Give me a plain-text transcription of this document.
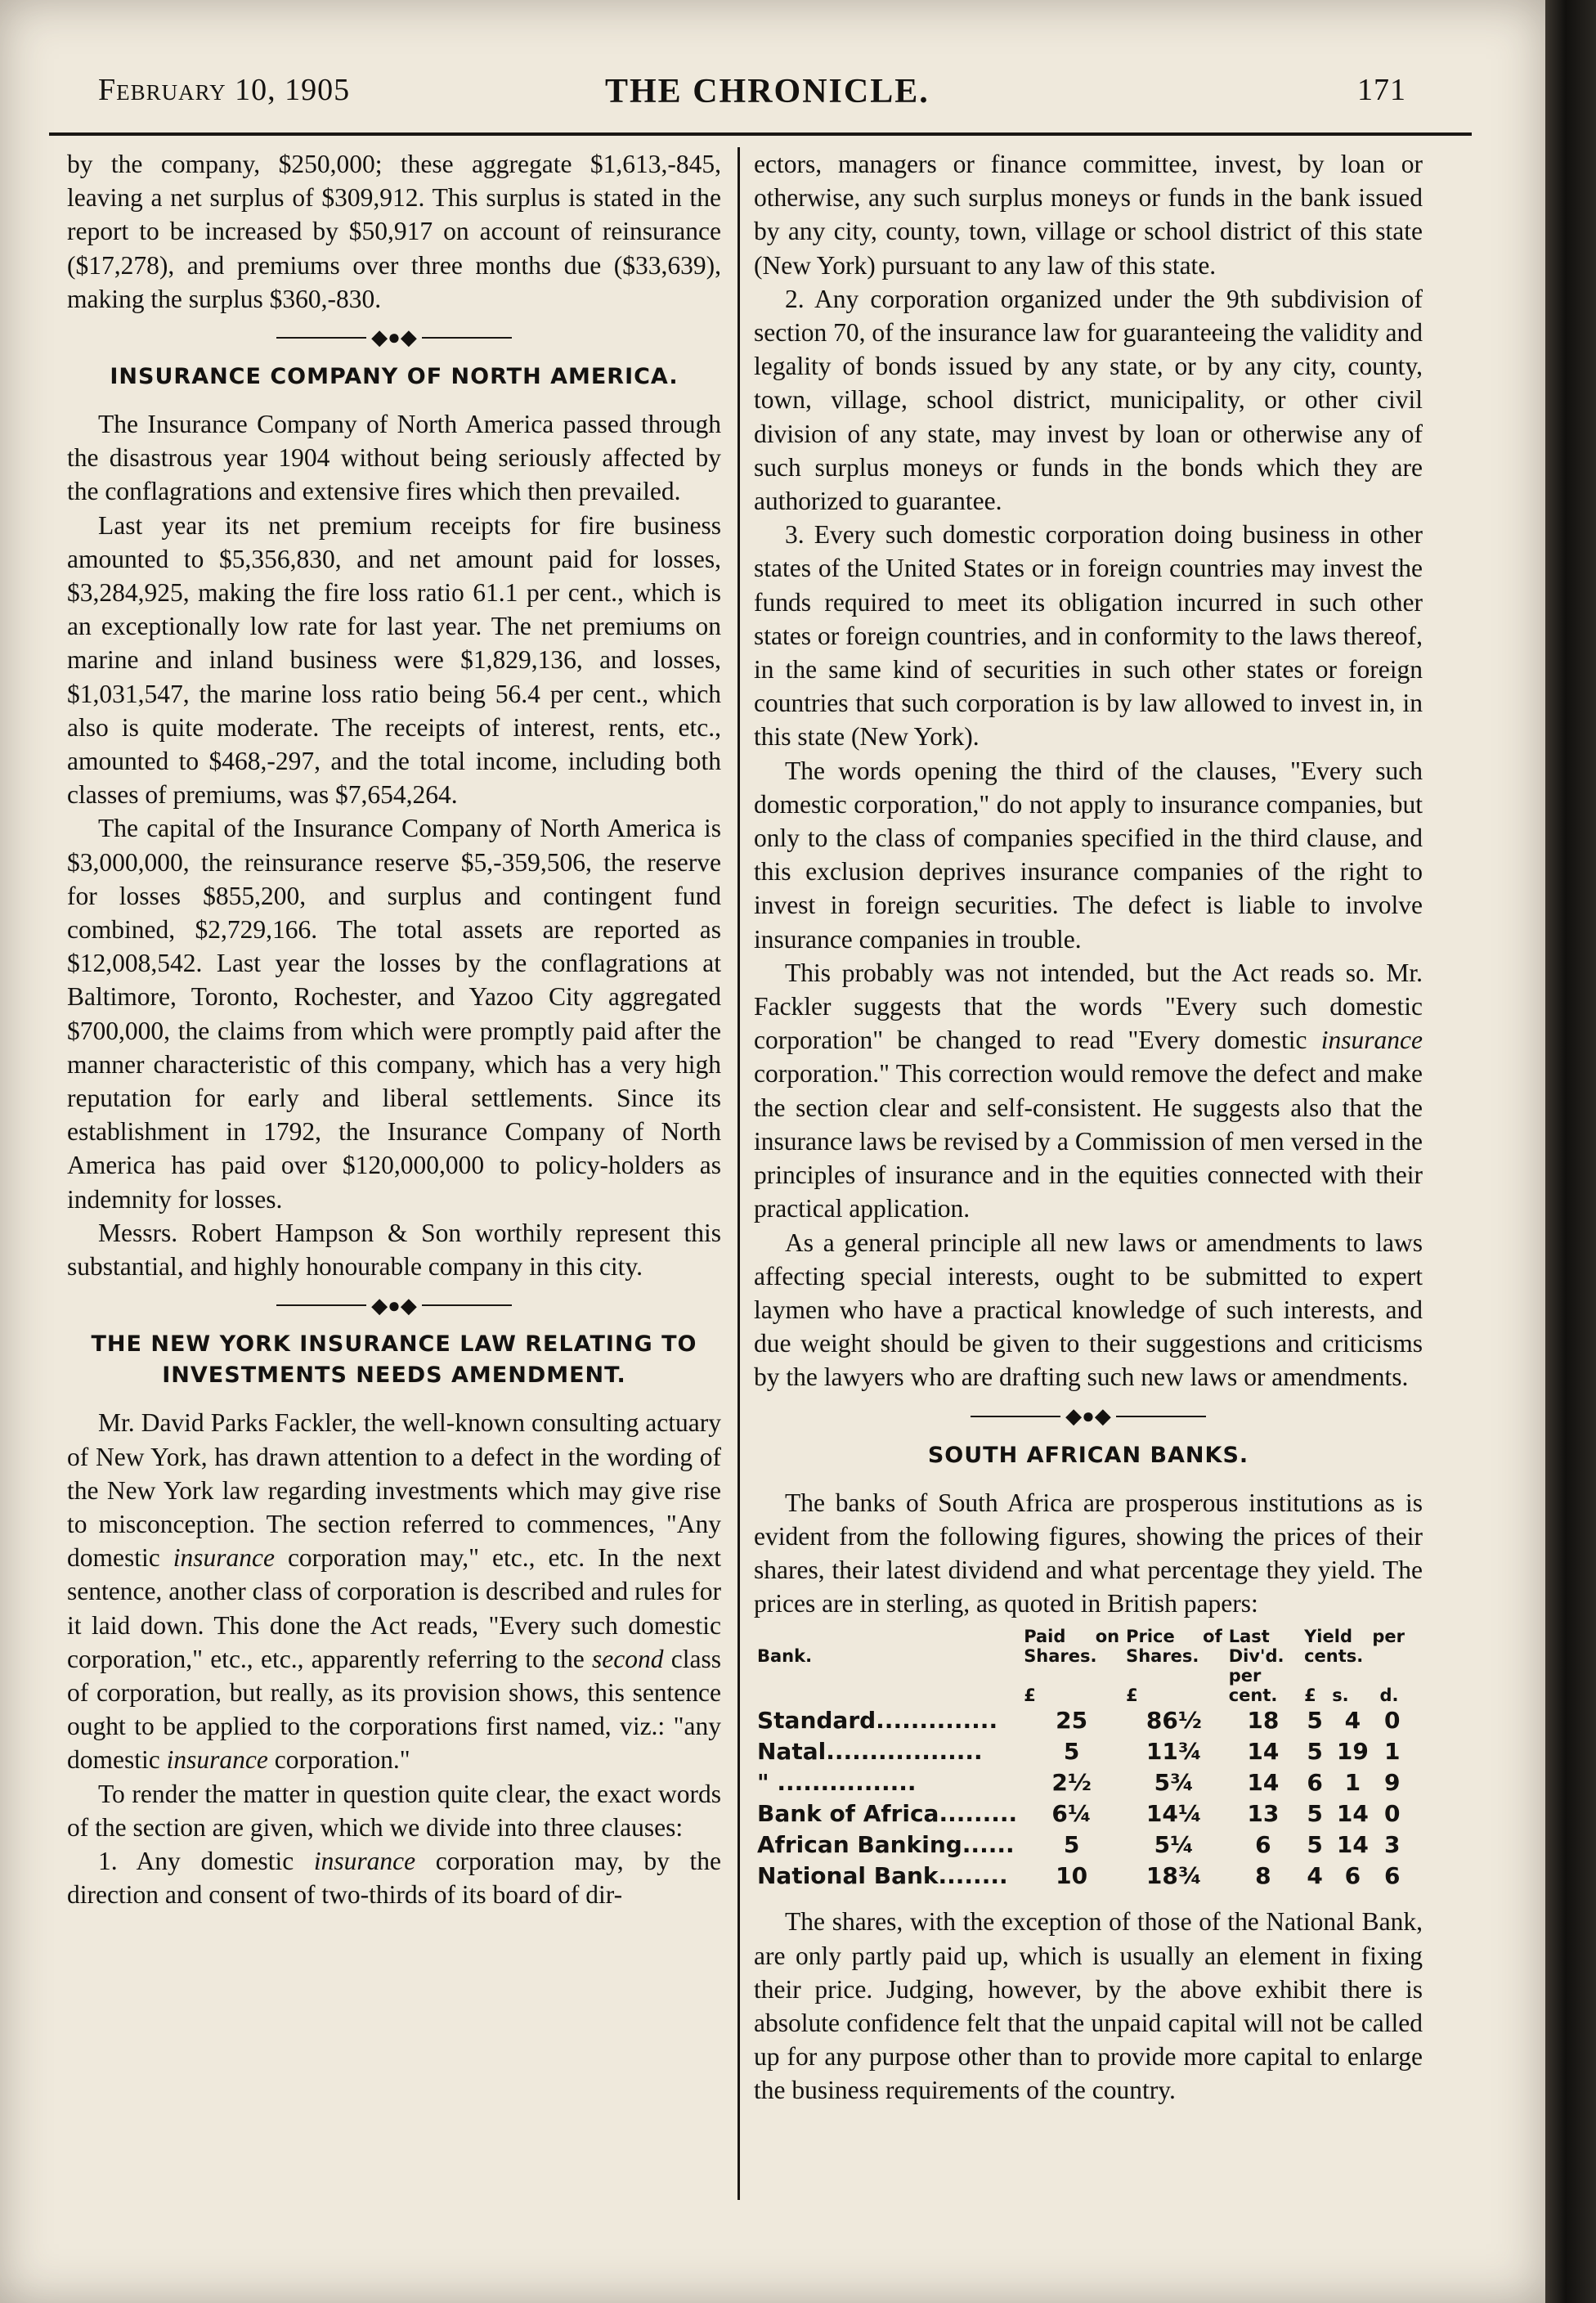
February 10, 1905	THE CHRONICLE.	171

by the company, $250,000; these aggregate $1,613,-845, leaving a net surplus of $309,912. This surplus is stated in the report to be increased by $50,917 on account of reinsurance ($17,278), and premiums over three months due ($33,639), making the surplus $360,-830.

◆●◆
INSURANCE COMPANY OF NORTH AMERICA.

The Insurance Company of North America passed through the disastrous year 1904 without being seriously affected by the conflagrations and extensive fires which then prevailed.

Last year its net premium receipts for fire business amounted to $5,356,830, and net amount paid for losses, $3,284,925, making the fire loss ratio 61.1 per cent., which is an exceptionally low rate for last year. The net premiums on marine and inland business were $1,829,136, and losses, $1,031,547, the marine loss ratio being 56.4 per cent., which also is quite moderate. The receipts of interest, rents, etc., amounted to $468,-297, and the total income, including both classes of premiums, was $7,654,264.

The capital of the Insurance Company of North America is $3,000,000, the reinsurance reserve $5,-359,506, the reserve for losses $855,200, and surplus and contingent fund combined, $2,729,166. The total assets are reported as $12,008,542. Last year the losses by the conflagrations at Baltimore, Toronto, Rochester, and Yazoo City aggregated $700,000, the claims from which were promptly paid after the manner characteristic of this company, which has a very high reputation for early and liberal settlements. Since its establishment in 1792, the Insurance Company of North America has paid over $120,000,000 to policy-holders as indemnity for losses.

Messrs. Robert Hampson & Son worthily represent this substantial, and highly honourable company in this city.

◆●◆
THE NEW YORK INSURANCE LAW RELATING TO INVESTMENTS NEEDS AMENDMENT.

Mr. David Parks Fackler, the well-known consulting actuary of New York, has drawn attention to a defect in the wording of the New York law regarding investments which may give rise to misconception. The section referred to commences, "Any domestic insurance corporation may," etc., etc. In the next sentence, another class of corporation is described and rules for it laid down. This done the Act reads, "Every such domestic corporation," etc., etc., apparently referring to the second class of corporation, but really, as its provision shows, this sentence ought to be applied to the corporations first named, viz.: "any domestic insurance corporation."

To render the matter in question quite clear, the exact words of the section are given, which we divide into three clauses:

1. Any domestic insurance corporation may, by the direction and consent of two-thirds of its board of dir-

ectors, managers or finance committee, invest, by loan or otherwise, any such surplus moneys or funds in the bank issued by any city, county, town, village or school district of this state (New York) pursuant to any law of this state.

2. Any corporation organized under the 9th subdivision of section 70, of the insurance law for guaranteeing the validity and legality of bonds issued by any state, or by any city, county, town, village, school district, municipality, or other civil division of any state, may invest by loan or otherwise any of such surplus moneys or funds in the bonds which they are authorized to guarantee.

3. Every such domestic corporation doing business in other states of the United States or in foreign countries may invest the funds required to meet its obligation incurred in such other states or foreign countries, and in conformity to the laws thereof, in the same kind of securities in such other states or foreign countries that such corporation is by law allowed to invest in, in this state (New York).

The words opening the third of the clauses, "Every such domestic corporation," do not apply to insurance companies, but only to the class of companies specified in the third clause, and this exclusion deprives insurance companies of the right to invest in foreign securities. The defect is liable to involve insurance companies in trouble.

This probably was not intended, but the Act reads so. Mr. Fackler suggests that the words "Every such domestic corporation" be changed to read "Every domestic insurance corporation." This correction would remove the defect and make the section clear and self-consistent. He suggests also that the insurance laws be revised by a Commission of men versed in the principles of insurance and in the equities connected with their practical application.

As a general principle all new laws or amendments to laws affecting special interests, ought to be submitted to expert laymen who have a practical knowledge of such interests, and due weight should be given to their suggestions and criticisms by the lawyers who are drafting such new laws or amendments.

◆●◆
SOUTH AFRICAN BANKS.

The banks of South Africa are prosperous institutions as is evident from the following figures, showing the prices of their shares, their latest dividend and what percentage they yield. The prices are in sterling, as quoted in British papers:

Bank.	Paid on Shares.	Price of Shares.	Last Div'd.	Yield per cents.		
	£	£	per cent.	£	s.	d.
Standard..............	25	86½	18	5	4	0
Natal..................	5	11¾	14	5	19	1
" ................	2½	5¾	14	6	1	9
Bank of Africa.........	6¼	14¼	13	5	14	0
African Banking......	5	5¼	6	5	14	3
National Bank........	10	18¾	8	4	6	6

The shares, with the exception of those of the National Bank, are only partly paid up, which is usually an element in fixing their price. Judging, however, by the above exhibit there is absolute confidence felt that the unpaid capital will not be called up for any purpose other than to provide more capital to enlarge the business requirements of the country.
